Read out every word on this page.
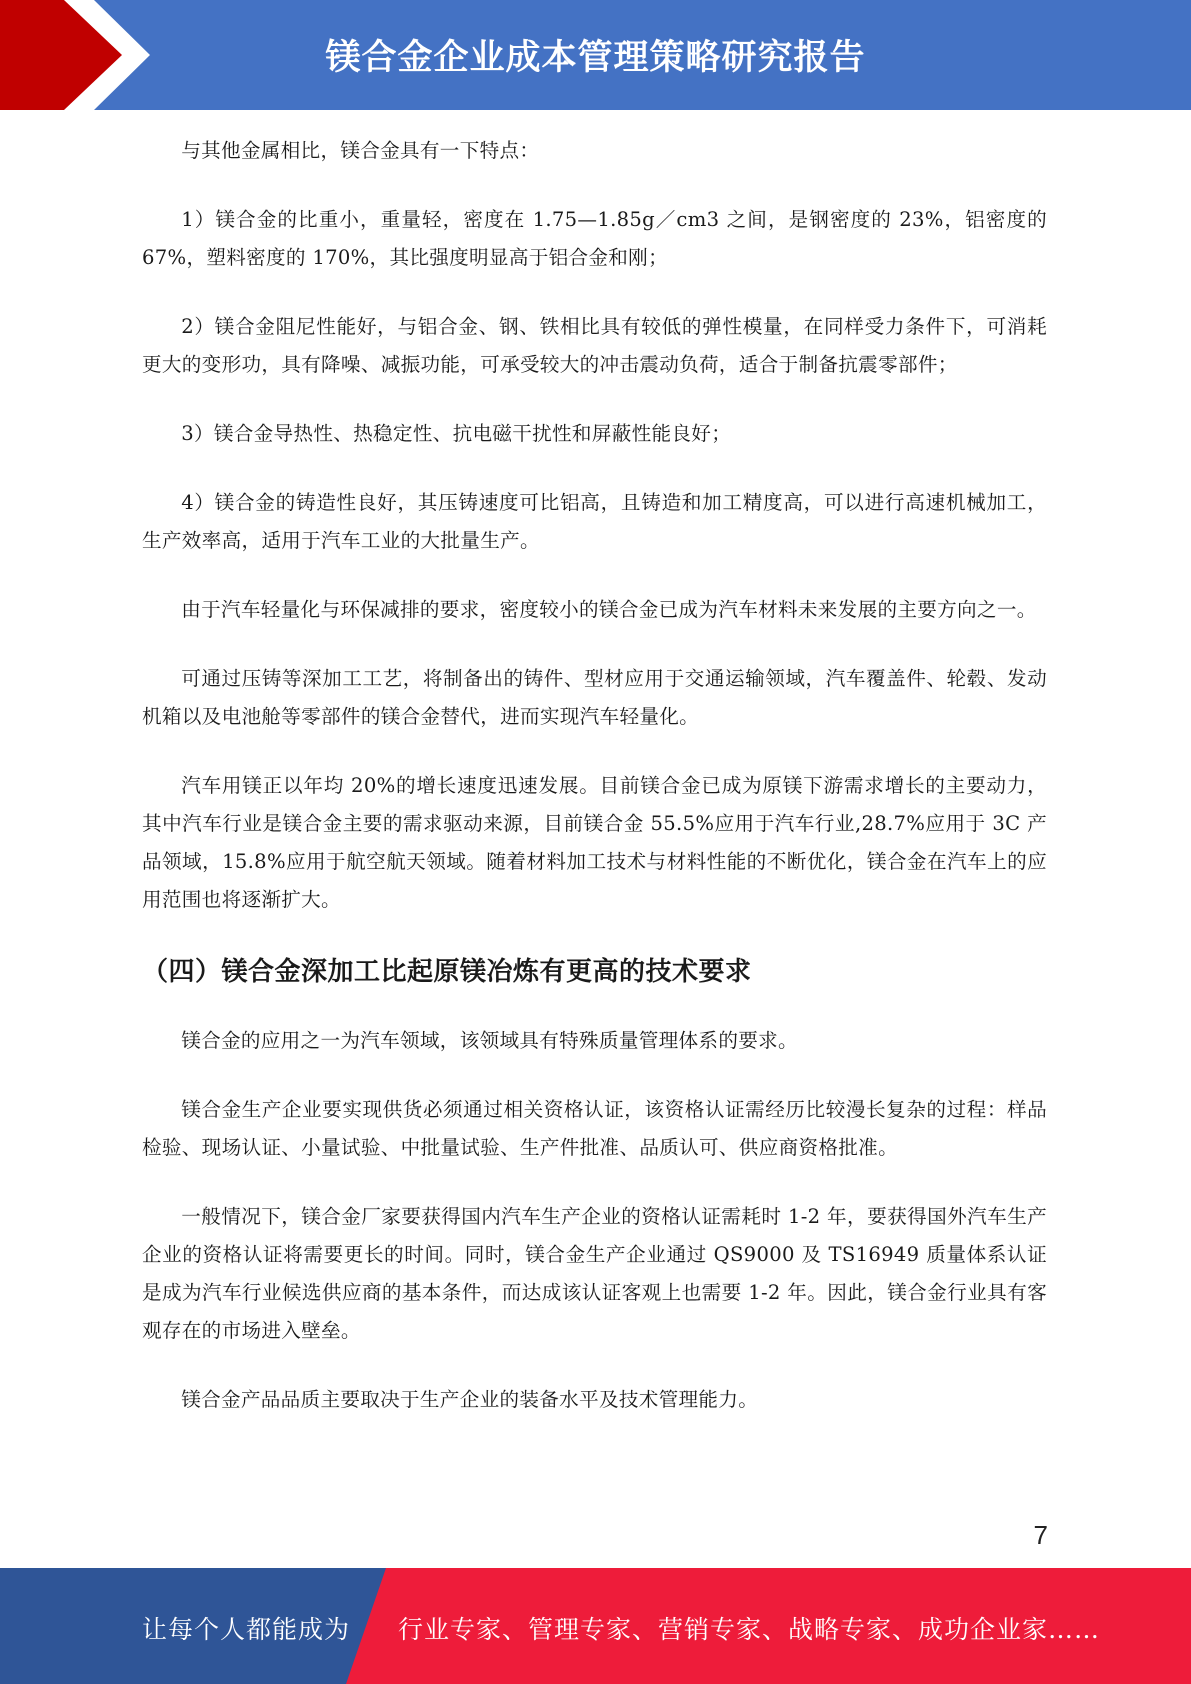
镁合金企业成本管理策略研究报告

与其他金属相比，镁合金具有一下特点：

1）镁合金的比重小，重量轻，密度在 1.75—1.85g／cm3 之间，是钢密度的 23%，铝密度的 67%，塑料密度的 170%，其比强度明显高于铝合金和刚；

2）镁合金阻尼性能好，与铝合金、钢、铁相比具有较低的弹性模量，在同样受力条件下，可消耗更大的变形功，具有降噪、减振功能，可承受较大的冲击震动负荷，适合于制备抗震零部件；

3）镁合金导热性、热稳定性、抗电磁干扰性和屏蔽性能良好；

4）镁合金的铸造性良好，其压铸速度可比铝高，且铸造和加工精度高，可以进行高速机械加工，生产效率高，适用于汽车工业的大批量生产。

由于汽车轻量化与环保减排的要求，密度较小的镁合金已成为汽车材料未来发展的主要方向之一。

可通过压铸等深加工工艺，将制备出的铸件、型材应用于交通运输领域，汽车覆盖件、轮毂、发动机箱以及电池舱等零部件的镁合金替代，进而实现汽车轻量化。

汽车用镁正以年均 20%的增长速度迅速发展。目前镁合金已成为原镁下游需求增长的主要动力，其中汽车行业是镁合金主要的需求驱动来源，目前镁合金 55.5%应用于汽车行业,28.7%应用于 3C 产品领域，15.8%应用于航空航天领域。随着材料加工技术与材料性能的不断优化，镁合金在汽车上的应用范围也将逐渐扩大。

（四）镁合金深加工比起原镁冶炼有更高的技术要求

镁合金的应用之一为汽车领域，该领域具有特殊质量管理体系的要求。

镁合金生产企业要实现供货必须通过相关资格认证，该资格认证需经历比较漫长复杂的过程：样品检验、现场认证、小量试验、中批量试验、生产件批准、品质认可、供应商资格批准。

一般情况下，镁合金厂家要获得国内汽车生产企业的资格认证需耗时 1-2 年，要获得国外汽车生产企业的资格认证将需要更长的时间。同时，镁合金生产企业通过 QS9000 及 TS16949 质量体系认证是成为汽车行业候选供应商的基本条件，而达成该认证客观上也需要 1-2 年。因此，镁合金行业具有客观存在的市场进入壁垒。

镁合金产品品质主要取决于生产企业的装备水平及技术管理能力。

7
让每个人都能成为 行业专家、管理专家、营销专家、战略专家、成功企业家……
